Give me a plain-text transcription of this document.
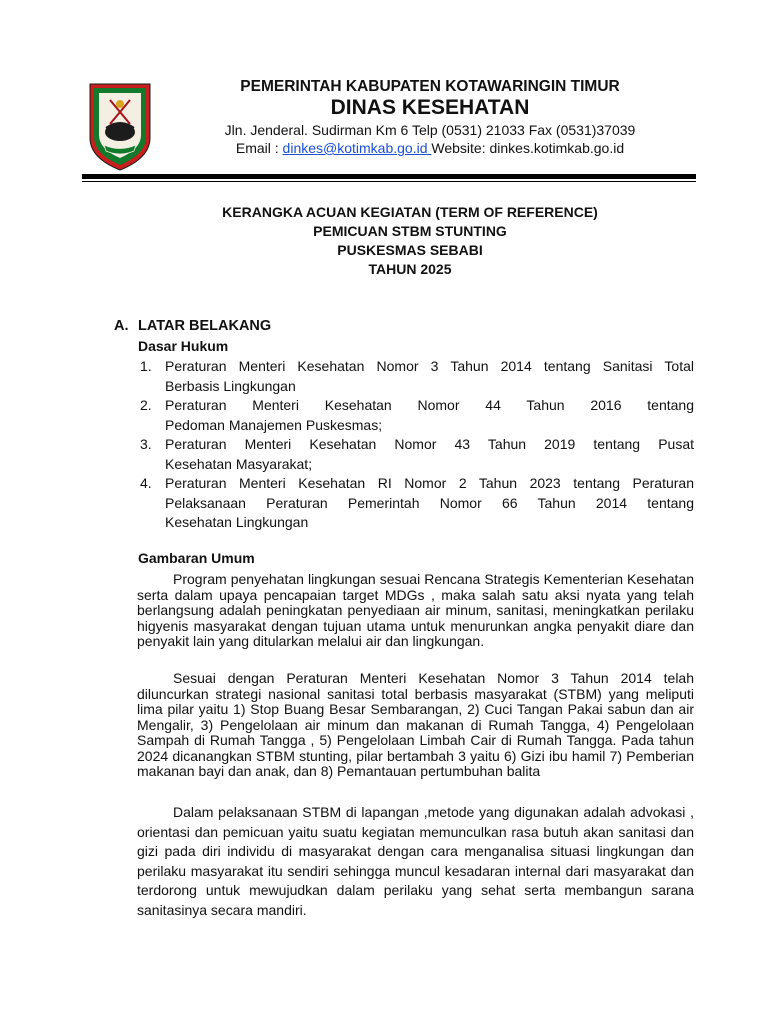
PEMERINTAH KABUPATEN KOTAWARINGIN TIMUR
DINAS KESEHATAN
Jln. Jenderal. Sudirman Km 6 Telp (0531) 21033 Fax (0531)37039
Email : dinkes@kotimkab.go.id Website: dinkes.kotimkab.go.id
KERANGKA ACUAN KEGIATAN (TERM OF REFERENCE)
PEMICUAN STBM STUNTING
PUSKESMAS SEBABI
TAHUN 2025
A. LATAR BELAKANG
Dasar Hukum
1. Peraturan Menteri Kesehatan Nomor 3 Tahun 2014 tentang Sanitasi Total
Berbasis Lingkungan
2. Peraturan Menteri Kesehatan Nomor 44 Tahun 2016 tentang
Pedoman Manajemen Puskesmas;
3. Peraturan Menteri Kesehatan Nomor 43 Tahun 2019 tentang Pusat
Kesehatan Masyarakat;
4. Peraturan Menteri Kesehatan RI Nomor 2 Tahun 2023 tentang Peraturan
Pelaksanaan Peraturan Pemerintah Nomor 66 Tahun 2014 tentang
Kesehatan Lingkungan
Gambaran Umum

Program penyehatan lingkungan sesuai Rencana Strategis Kementerian Kesehatan serta dalam upaya pencapaian target MDGs , maka salah satu aksi nyata yang telah berlangsung adalah peningkatan penyediaan air minum, sanitasi, meningkatkan perilaku higyenis masyarakat dengan tujuan utama untuk menurunkan angka penyakit diare dan penyakit lain yang ditularkan melalui air dan lingkungan.

Sesuai dengan Peraturan Menteri Kesehatan Nomor 3 Tahun 2014 telah diluncurkan strategi nasional sanitasi total berbasis masyarakat (STBM) yang meliputi lima pilar yaitu 1) Stop Buang Besar Sembarangan, 2) Cuci Tangan Pakai sabun dan air Mengalir, 3) Pengelolaan air minum dan makanan di Rumah Tangga, 4) Pengelolaan Sampah di Rumah Tangga , 5) Pengelolaan Limbah Cair di Rumah Tangga. Pada tahun 2024 dicanangkan STBM stunting, pilar bertambah 3 yaitu 6) Gizi ibu hamil 7) Pemberian makanan bayi dan anak, dan 8) Pemantauan pertumbuhan balita

Dalam pelaksanaan STBM di lapangan ,metode yang digunakan adalah advokasi , orientasi dan pemicuan yaitu suatu kegiatan memunculkan rasa butuh akan sanitasi dan gizi pada diri individu di masyarakat dengan cara menganalisa situasi lingkungan dan perilaku masyarakat itu sendiri sehingga muncul kesadaran internal dari masyarakat dan terdorong untuk mewujudkan dalam perilaku yang sehat serta membangun sarana sanitasinya secara mandiri.
